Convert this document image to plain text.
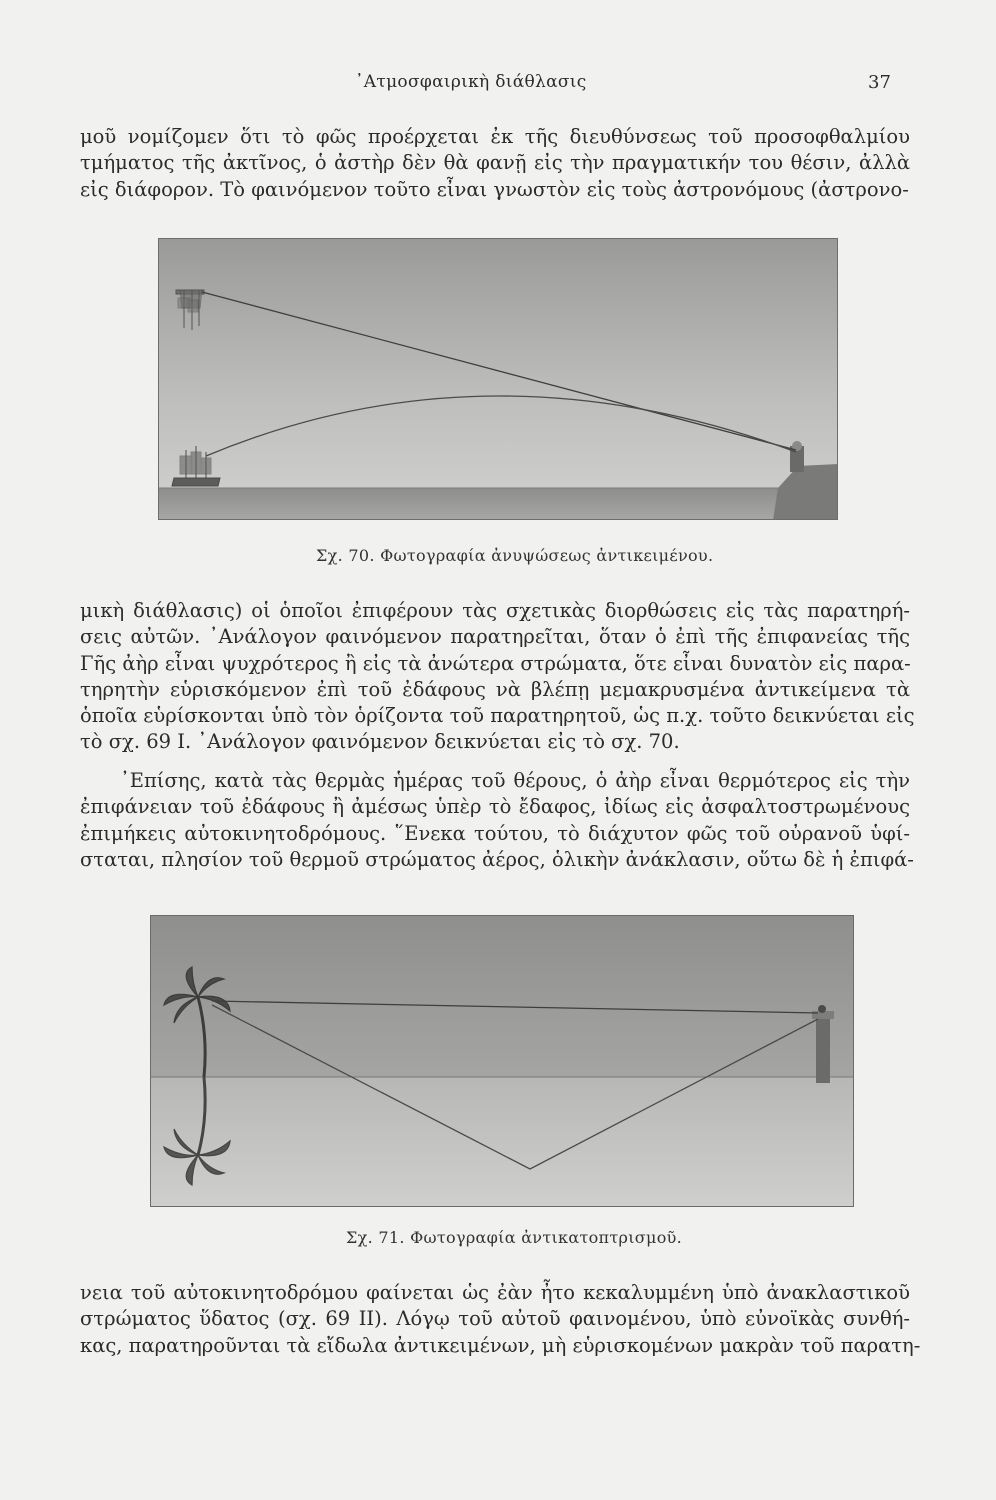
᾿Ατμοσφαιρικὴ διάθλασις	37
μοῦ νομίζομεν ὅτι τὸ φῶς προέρχεται ἐκ τῆς διευθύνσεως τοῦ προσοφθαλμίου
τμήματος τῆς ἀκτῖνος, ὁ ἀστὴρ δὲν θὰ φανῇ εἰς τὴν πραγματικήν του θέσιν, ἀλλὰ
εἰς διάφορον. Τὸ φαινόμενον τοῦτο εἶναι γνωστὸν εἰς τοὺς ἀστρονόμους (ἀστρονο-
Σχ. 70. Φωτογραφία ἀνυψώσεως ἀντικειμένου.
μικὴ διάθλασις) οἱ ὁποῖοι ἐπιφέρουν τὰς σχετικὰς διορθώσεις εἰς τὰς παρατηρή-
σεις αὐτῶν. ᾿Ανάλογον φαινόμενον παρατηρεῖται, ὅταν ὁ ἐπὶ τῆς ἐπιφανείας τῆς
Γῆς ἀὴρ εἶναι ψυχρότερος ἢ εἰς τὰ ἀνώτερα στρώματα, ὅτε εἶναι δυνατὸν εἰς παρα-
τηρητὴν εὑρισκόμενον ἐπὶ τοῦ ἐδάφους νὰ βλέπῃ μεμακρυσμένα ἀντικείμενα τὰ
ὁποῖα εὑρίσκονται ὑπὸ τὸν ὁρίζοντα τοῦ παρατηρητοῦ, ὡς π.χ. τοῦτο δεικνύεται εἰς
τὸ σχ. 69 I. ᾿Ανάλογον φαινόμενον δεικνύεται εἰς τὸ σχ. 70.
᾿Επίσης, κατὰ τὰς θερμὰς ἡμέρας τοῦ θέρους, ὁ ἀὴρ εἶναι θερμότερος εἰς τὴν
ἐπιφάνειαν τοῦ ἐδάφους ἢ ἀμέσως ὑπὲρ τὸ ἔδαφος, ἰδίως εἰς ἀσφαλτοστρωμένους
ἐπιμήκεις αὐτοκινητοδρόμους. ῞Ενεκα τούτου, τὸ διάχυτον φῶς τοῦ οὐρανοῦ ὑφί-
σταται, πλησίον τοῦ θερμοῦ στρώματος ἀέρος, ὁλικὴν ἀνάκλασιν, οὕτω δὲ ἡ ἐπιφά-
Σχ. 71. Φωτογραφία ἀντικατοπτρισμοῦ.
νεια τοῦ αὐτοκινητοδρόμου φαίνεται ὡς ἐὰν ἦτο κεκαλυμμένη ὑπὸ ἀνακλαστικοῦ
στρώματος ὕδατος (σχ. 69 II). Λόγῳ τοῦ αὐτοῦ φαινομένου, ὑπὸ εὐνοϊκὰς συνθή-
κας, παρατηροῦνται τὰ εἴδωλα ἀντικειμένων, μὴ εὑρισκομένων μακρὰν τοῦ παρατη-
